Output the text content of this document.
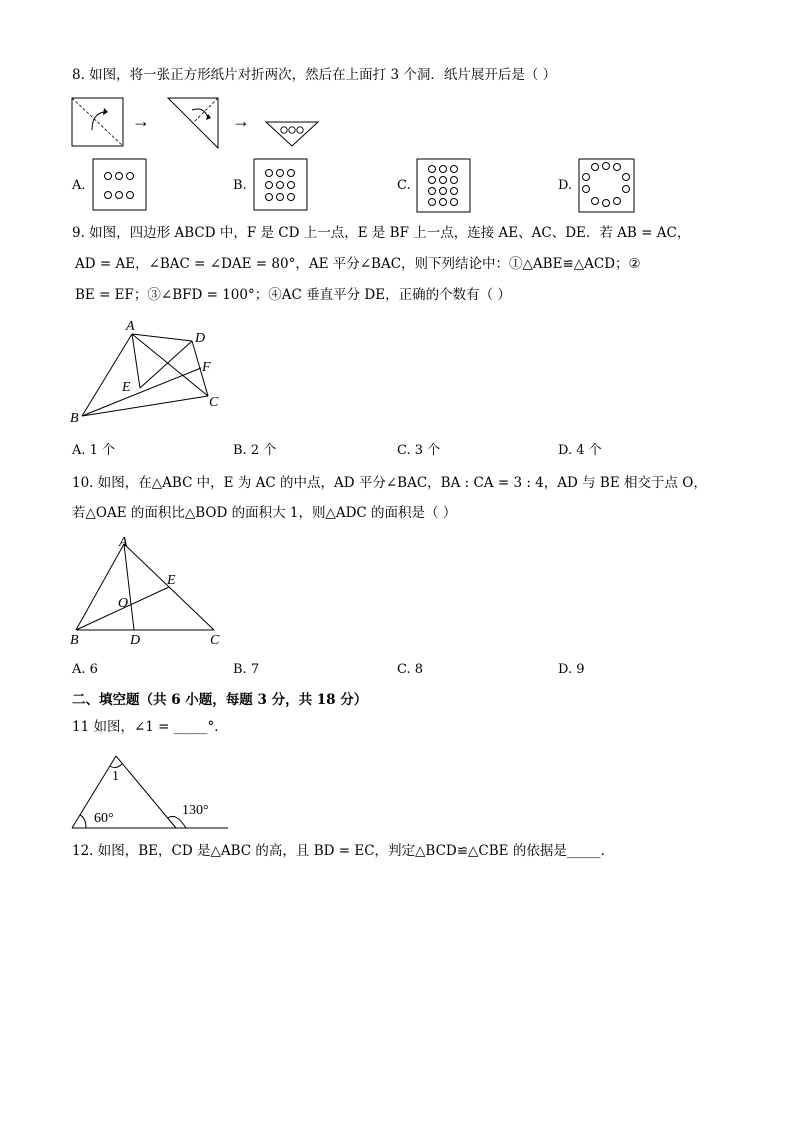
8. 如图，将一张正方形纸片对折两次，然后在上面打 3 个洞．纸片展开后是（ ）
→	→
A.	B.	C.	D.
9. 如图，四边形 ABCD 中，F 是 CD 上一点，E 是 BF 上一点，连接 AE、AC、DE．若 AB = AC，
AD = AE，∠BAC = ∠DAE = 80°，AE 平分∠BAC，则下列结论中：①△ABE≌△ACD；②
BE = EF；③∠BFD = 100°；④AC 垂直平分 DE，正确的个数有（ ）
A
B
C
D
E
F
A. 1 个	B. 2 个	C. 3 个	D. 4 个
10. 如图，在△ABC 中，E 为 AC 的中点，AD 平分∠BAC，BA : CA = 3 : 4，AD 与 BE 相交于点 O，
若△OAE 的面积比△BOD 的面积大 1，则△ADC 的面积是（ ）
A
B	C
D
E
O
A. 6	B. 7	C. 8	D. 9
二、填空题（共 6 小题，每题 3 分，共 18 分）
11 如图，∠1 = _____°．
1
60°
130°
12. 如图，BE，CD 是△ABC 的高，且 BD = EC，判定△BCD≌△CBE 的依据是_____．
